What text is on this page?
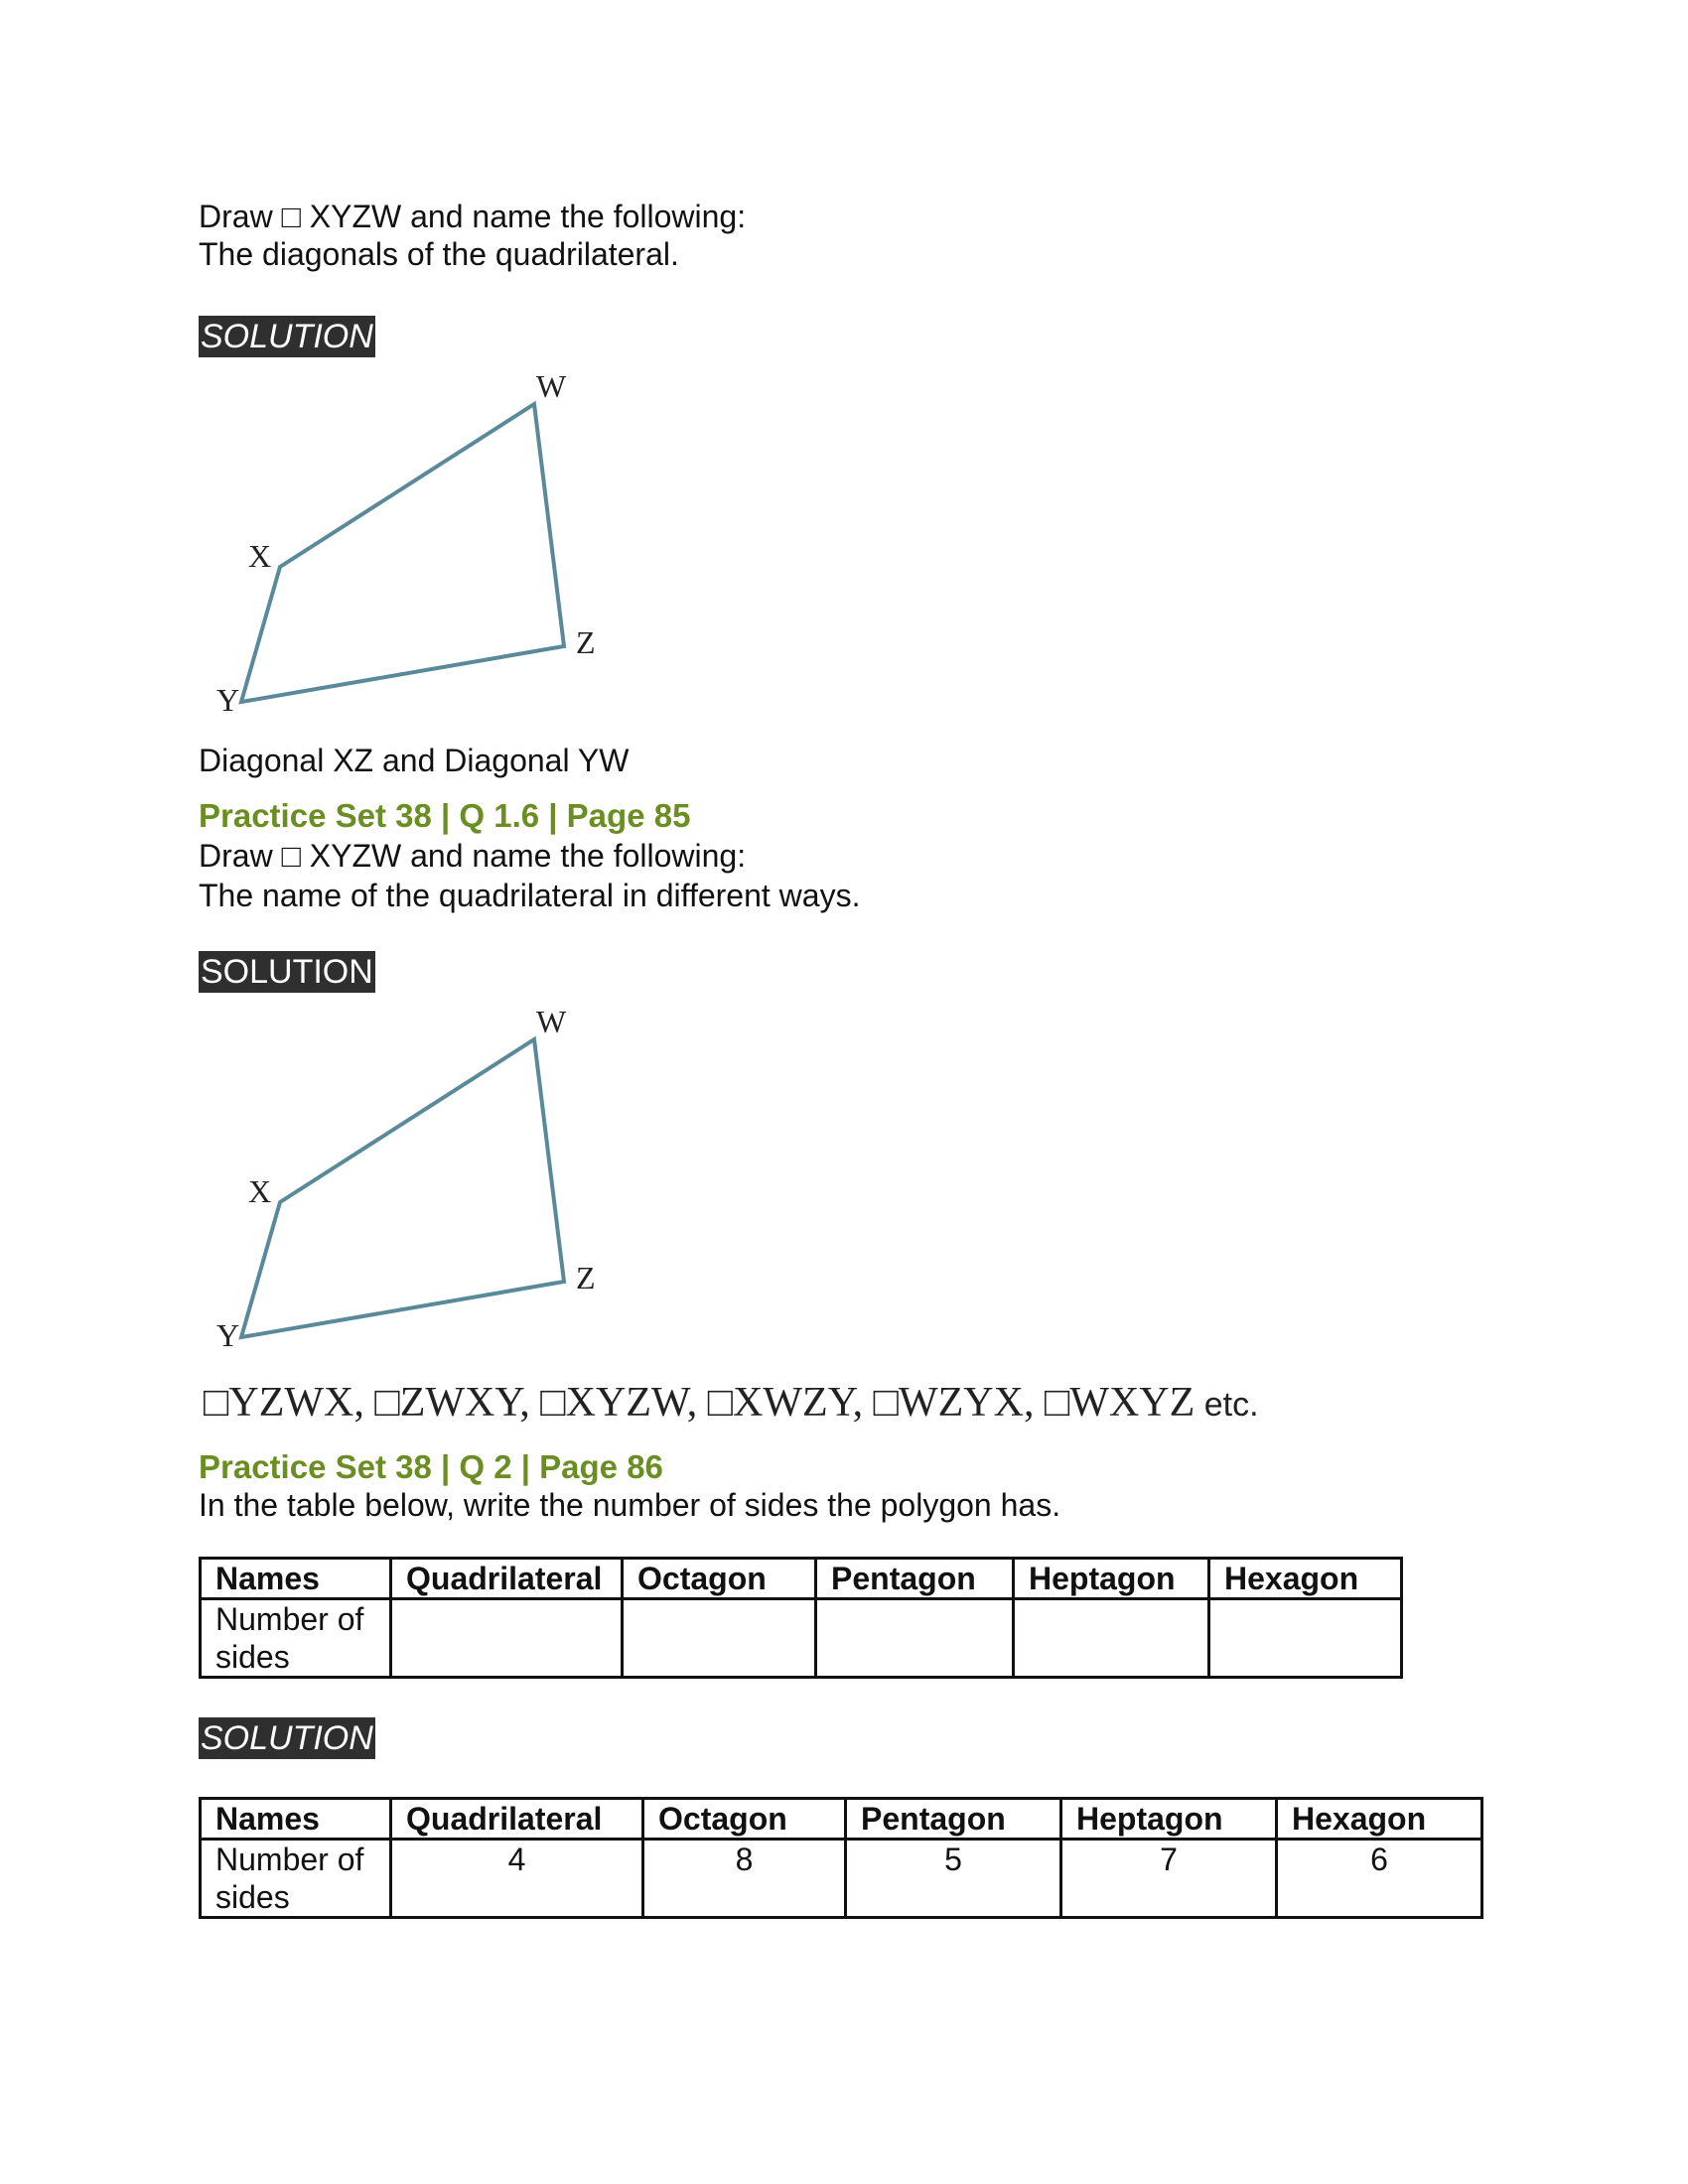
Draw □ XYZW and name the following:
The diagonals of the quadrilateral.
SOLUTION
W
X
Y
Z
Diagonal XZ and Diagonal YW
Practice Set 38 | Q 1.6 | Page 85
Draw □ XYZW and name the following:
The name of the quadrilateral in different ways.
SOLUTION
W
X
Y
Z
□YZWX, □ZWXY, □XYZW, □XWZY, □WZYX, □WXYZ etc.
Practice Set 38 | Q 2 | Page 86
In the table below, write the number of sides the polygon has.
Names	Quadrilateral	Octagon	Pentagon	Heptagon	Hexagon
Number of sides					
SOLUTION
Names	Quadrilateral	Octagon	Pentagon	Heptagon	Hexagon
Number of sides	4	8	5	7	6
